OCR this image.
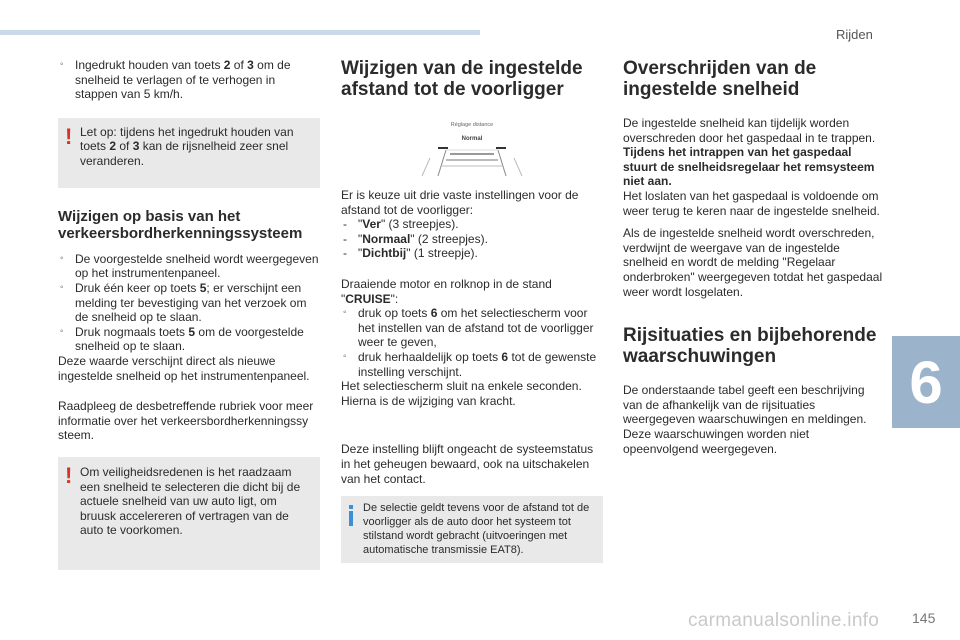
Rijden
6
carmanualsonline.info 145

◦ Ingedrukt houden van toets 2 of 3 om de snelheid te verlagen of te verhogen in stappen van 5 km/h.

! Let op: tijdens het ingedrukt houden van toets 2 of 3 kan de rijsnelheid zeer snel veranderen.
Wijzigen op basis van het verkeersbordherkenningssysteem
◦ De voorgestelde snelheid wordt weergegeven op het instrumentenpaneel.
◦ Druk één keer op toets 5; er verschijnt een melding ter bevestiging van het verzoek om de snelheid op te slaan.
◦ Druk nogmaals toets 5 om de voorgestelde snelheid op te slaan.

Deze waarde verschijnt direct als nieuwe ingestelde snelheid op het instrumentenpaneel.

Raadpleeg de desbetreffende rubriek voor meer informatie over het verkeersbordherkenningssy steem.

! Om veiligheidsredenen is het raadzaam een snelheid te selecteren die dicht bij de actuele snelheid van uw auto ligt, om bruusk accelereren of vertragen van de auto te voorkomen.
Wijzigen van de ingestelde afstand tot de voorligger
Réglage distance
Normal

Er is keuze uit drie vaste instellingen voor de afstand tot de voorligger:

- "Ver" (3 streepjes).
- "Normaal" (2 streepjes).
- "Dichtbij" (1 streepje).
Draaiende motor en rolknop in de stand "CRUISE":
◦ druk op toets 6 om het selectiescherm voor het instellen van de afstand tot de voorligger weer te geven,
◦ druk herhaaldelijk op toets 6 tot de gewenste instelling verschijnt.
Het selectiescherm sluit na enkele seconden.
Hierna is de wijziging van kracht.

Deze instelling blijft ongeacht de systeemstatus in het geheugen bewaard, ook na uitschakelen van het contact.

De selectie geldt tevens voor de afstand tot de voorligger als de auto door het systeem tot stilstand wordt gebracht (uitvoeringen met automatische transmissie EAT8).
Overschrijden van de ingestelde snelheid
De ingestelde snelheid kan tijdelijk worden overschreden door het gaspedaal in te trappen.
Tijdens het intrappen van het gaspedaal stuurt de snelheidsregelaar het remsysteem niet aan.

Het loslaten van het gaspedaal is voldoende om weer terug te keren naar de ingestelde snelheid.

Als de ingestelde snelheid wordt overschreden, verdwijnt de weergave van de ingestelde snelheid en wordt de melding "Regelaar onderbroken" weergegeven totdat het gaspedaal weer wordt losgelaten.

Rijsituaties en bijbehorende waarschuwingen

De onderstaande tabel geeft een beschrijving van de afhankelijk van de rijsituaties weergegeven waarschuwingen en meldingen. Deze waarschuwingen worden niet opeenvolgend weergegeven.
